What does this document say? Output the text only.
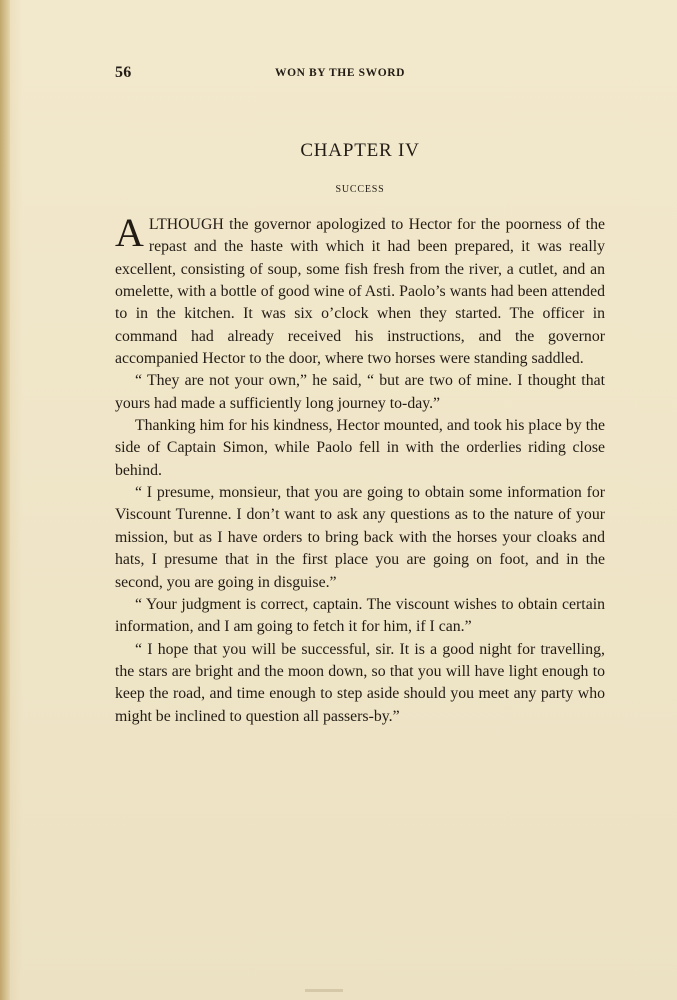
56	WON BY THE SWORD
CHAPTER IV
SUCCESS

ALTHOUGH the governor apologized to Hector for the poorness of the repast and the haste with which it had been prepared, it was really excellent, consisting of soup, some fish fresh from the river, a cutlet, and an omelette, with a bottle of good wine of Asti. Paolo’s wants had been attended to in the kitchen. It was six o’clock when they started. The officer in command had already received his instructions, and the governor accompanied Hector to the door, where two horses were standing saddled.

“ They are not your own,” he said, “ but are two of mine. I thought that yours had made a sufficiently long journey to-day.”

Thanking him for his kindness, Hector mounted, and took his place by the side of Captain Simon, while Paolo fell in with the orderlies riding close behind.

“ I presume, monsieur, that you are going to obtain some information for Viscount Turenne. I don’t want to ask any questions as to the nature of your mission, but as I have orders to bring back with the horses your cloaks and hats, I presume that in the first place you are going on foot, and in the second, you are going in disguise.”

“ Your judgment is correct, captain. The viscount wishes to obtain certain information, and I am going to fetch it for him, if I can.”

“ I hope that you will be successful, sir. It is a good night for travelling, the stars are bright and the moon down, so that you will have light enough to keep the road, and time enough to step aside should you meet any party who might be inclined to question all passers-by.”
